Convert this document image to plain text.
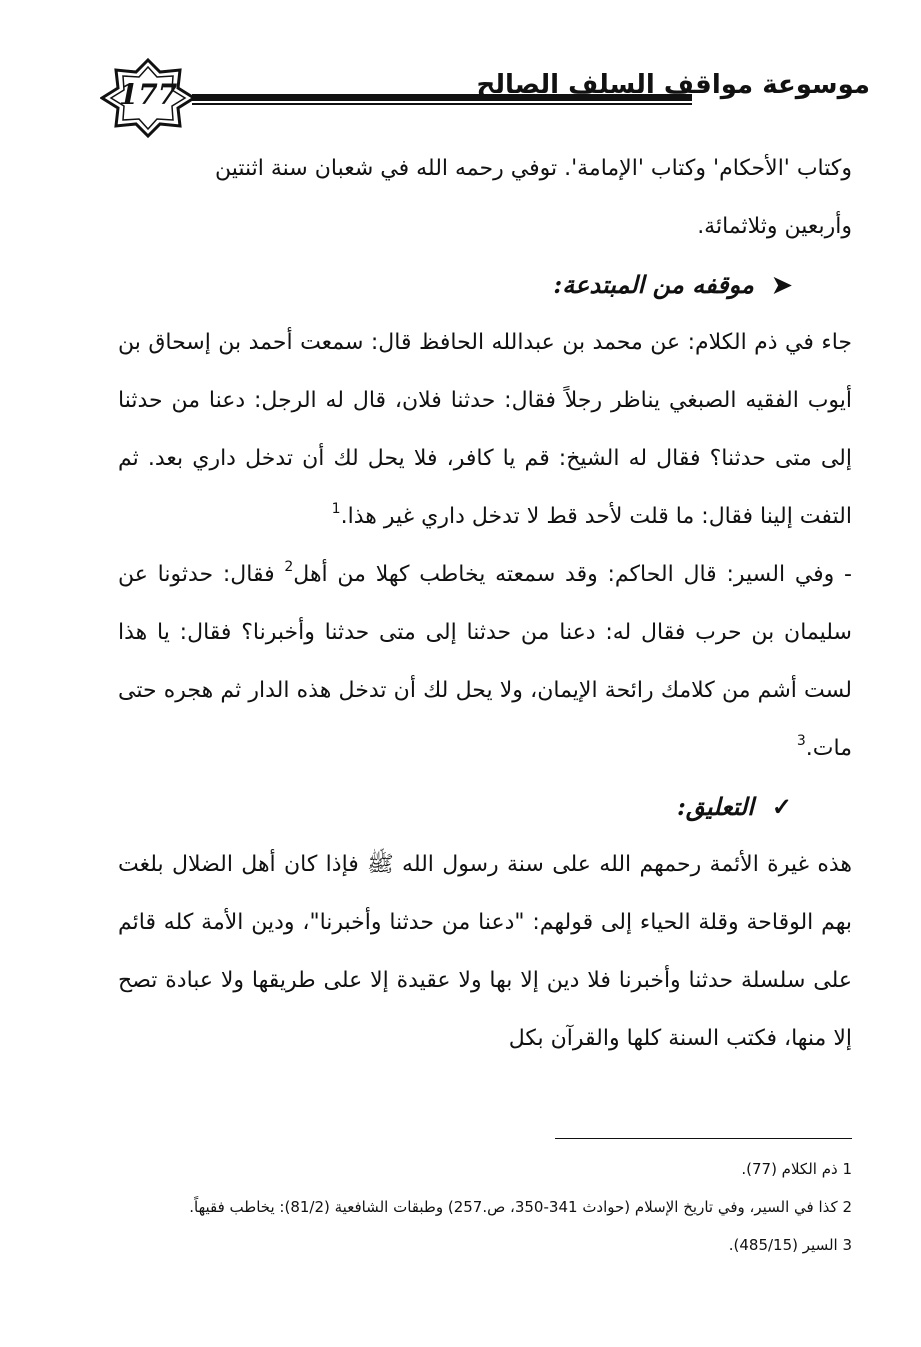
177	موسوعة مواقف السلف الصالح

وكتاب 'الأحكام' وكتاب 'الإمامة'. توفي رحمه الله في شعبان سنة اثنتين

وأربعين وثلاثمائة.

➤موقفه من المبتدعة:

جاء في ذم الكلام: عن محمد بن عبدالله الحافظ قال: سمعت أحمد بن إسحاق بن أيوب الفقيه الصبغي يناظر رجلاً فقال: حدثنا فلان، قال له الرجل: دعنا من حدثنا إلى متى حدثنا؟ فقال له الشيخ: قم يا كافر، فلا يحل لك أن تدخل داري بعد. ثم التفت إلينا فقال: ما قلت لأحد قط لا تدخل داري غير هذا.$^1$

- وفي السير: قال الحاكم: وقد سمعته يخاطب كهلا من أهل$^2$ فقال: حدثونا عن سليمان بن حرب فقال له: دعنا من حدثنا إلى متى حدثنا وأخبرنا؟ فقال: يا هذا لست أشم من كلامك رائحة الإيمان، ولا يحل لك أن تدخل هذه الدار ثم هجره حتى مات.$^3$

✓التعليق:

هذه غيرة الأئمة رحمهم الله على سنة رسول الله ﷺ فإذا كان أهل الضلال بلغت بهم الوقاحة وقلة الحياء إلى قولهم: "دعنا من حدثنا وأخبرنا"، ودين الأمة كله قائم على سلسلة حدثنا وأخبرنا فلا دين إلا بها ولا عقيدة إلا على طريقها ولا عبادة تصح إلا منها، فكتب السنة كلها والقرآن بكل

1 ذم الكلام (77).
2 كذا في السير، وفي تاريخ الإسلام (حوادث 341-350، ص.257) وطبقات الشافعية (81/2): يخاطب فقيهاً.
3 السير (485/15).
